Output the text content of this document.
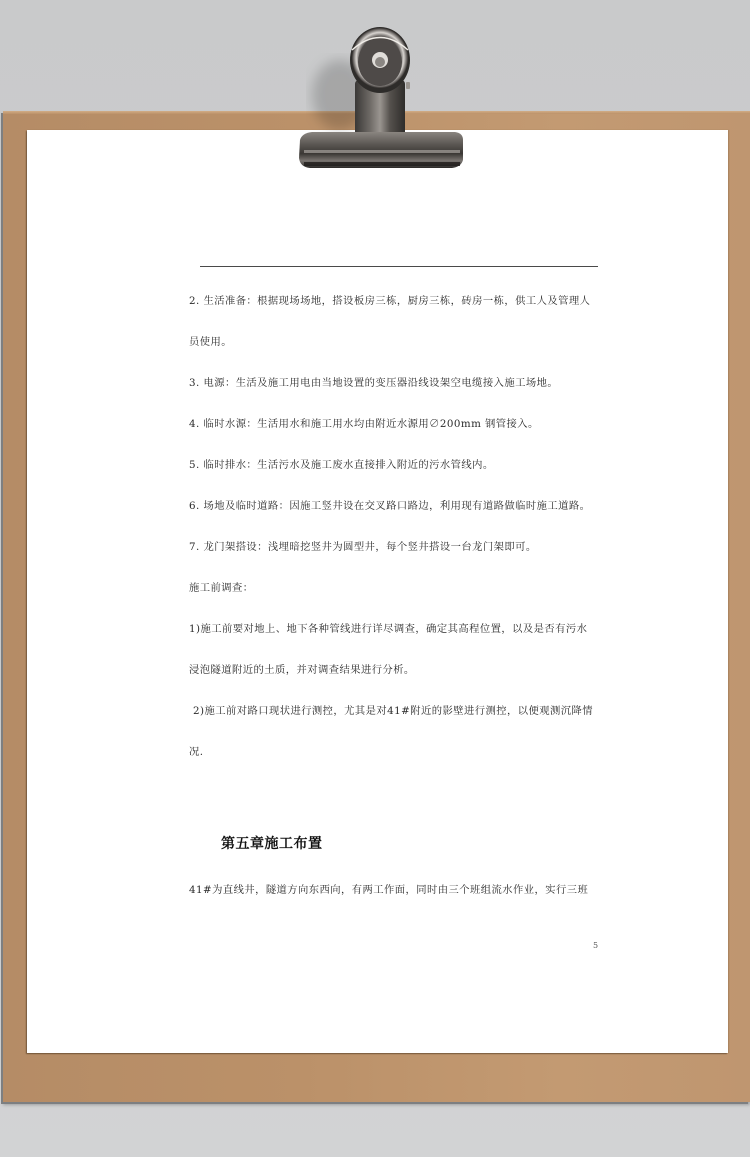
2. 生活准备：根据现场场地，搭设板房三栋，厨房三栋，砖房一栋，供工人及管理人
员使用。
3. 电源：生活及施工用电由当地设置的变压器沿线设架空电缆接入施工场地。
4. 临时水源：生活用水和施工用水均由附近水源用∅200mm 钢管接入。
5. 临时排水：生活污水及施工废水直接排入附近的污水管线内。
6. 场地及临时道路：因施工竖井设在交叉路口路边，利用现有道路做临时施工道路。
7. 龙门架搭设：浅埋暗挖竖井为圆型井，每个竖井搭设一台龙门架即可。
施工前调查：
1)施工前要对地上、地下各种管线进行详尽调查，确定其高程位置，以及是否有污水
浸泡隧道附近的土质，并对调查结果进行分析。
2)施工前对路口现状进行测控，尤其是对41#附近的影壁进行测控，以便观测沉降情
况.
第五章施工布置
41#为直线井，隧道方向东西向，有两工作面，同时由三个班组流水作业，实行三班
5
